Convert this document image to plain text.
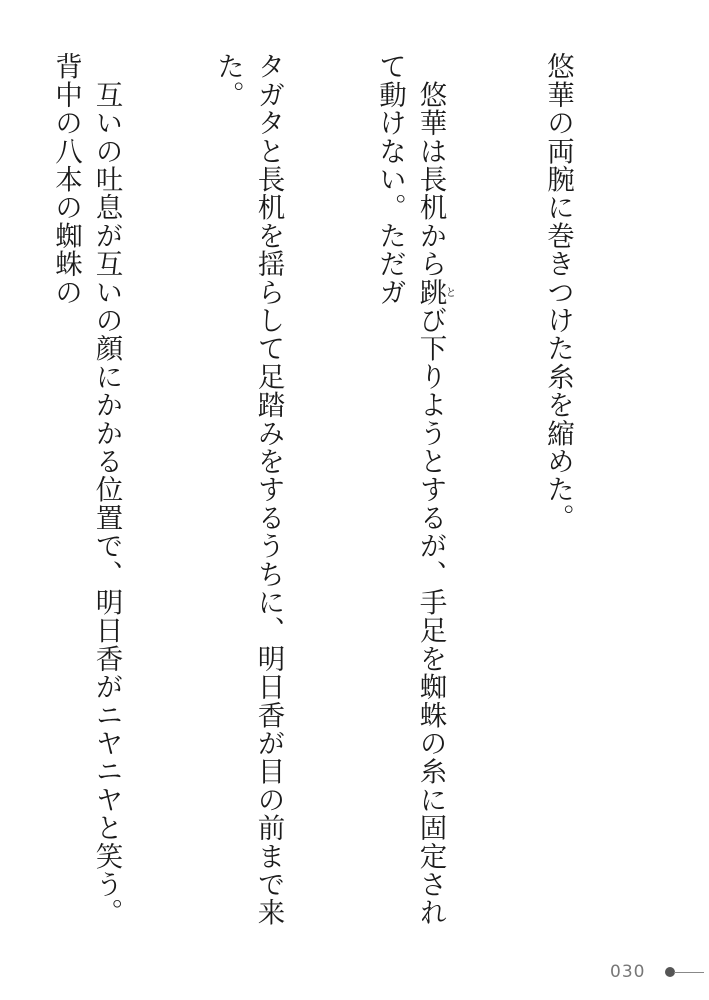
悠華の両腕に巻きつけた糸を縮めた。

　悠華は長机から跳とび下りようとするが、手足を蜘蛛の糸に固定されて動けない。ただガ

タガタと長机を揺らして足踏みをするうちに、明日香が目の前まで来た。

　互いの吐息が互いの顔にかかる位置で、明日香がニヤニヤと笑う。背中の八本の蜘蛛の

030
